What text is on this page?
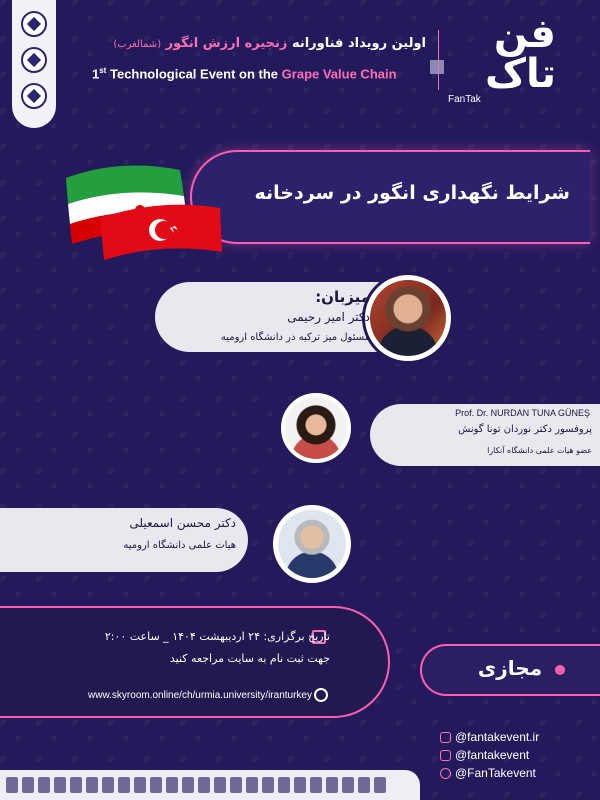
اولین رویداد فناورانه زنجیره ارزش انگور (شمالغرب)
1st Technological Event on the Grape Value Chain
فن تاک
FanTak
شرایط نگهداری انگور در سردخانه
میزبان:
دکتر امیر رحیمی
مسئول میز ترکیه در دانشگاه ارومیه
Prof. Dr. NURDAN TUNA GÜNEŞ
پروفسور دکتر نوردان تونا گونش
عضو هیات علمی دانشگاه آنکارا
دکتر محسن اسمعیلی
هیات علمی دانشگاه ارومیه
تاریخ برگزاری: ۲۴ اردیبهشت ۱۴۰۴ _ ساعت ۲:۰۰
جهت ثبت نام به سایت مراجعه کنید
www.skyroom.online/ch/urmia.university/iranturkey
مجازی
@fantakevent.ir
@fantakevent
@FanTakevent
